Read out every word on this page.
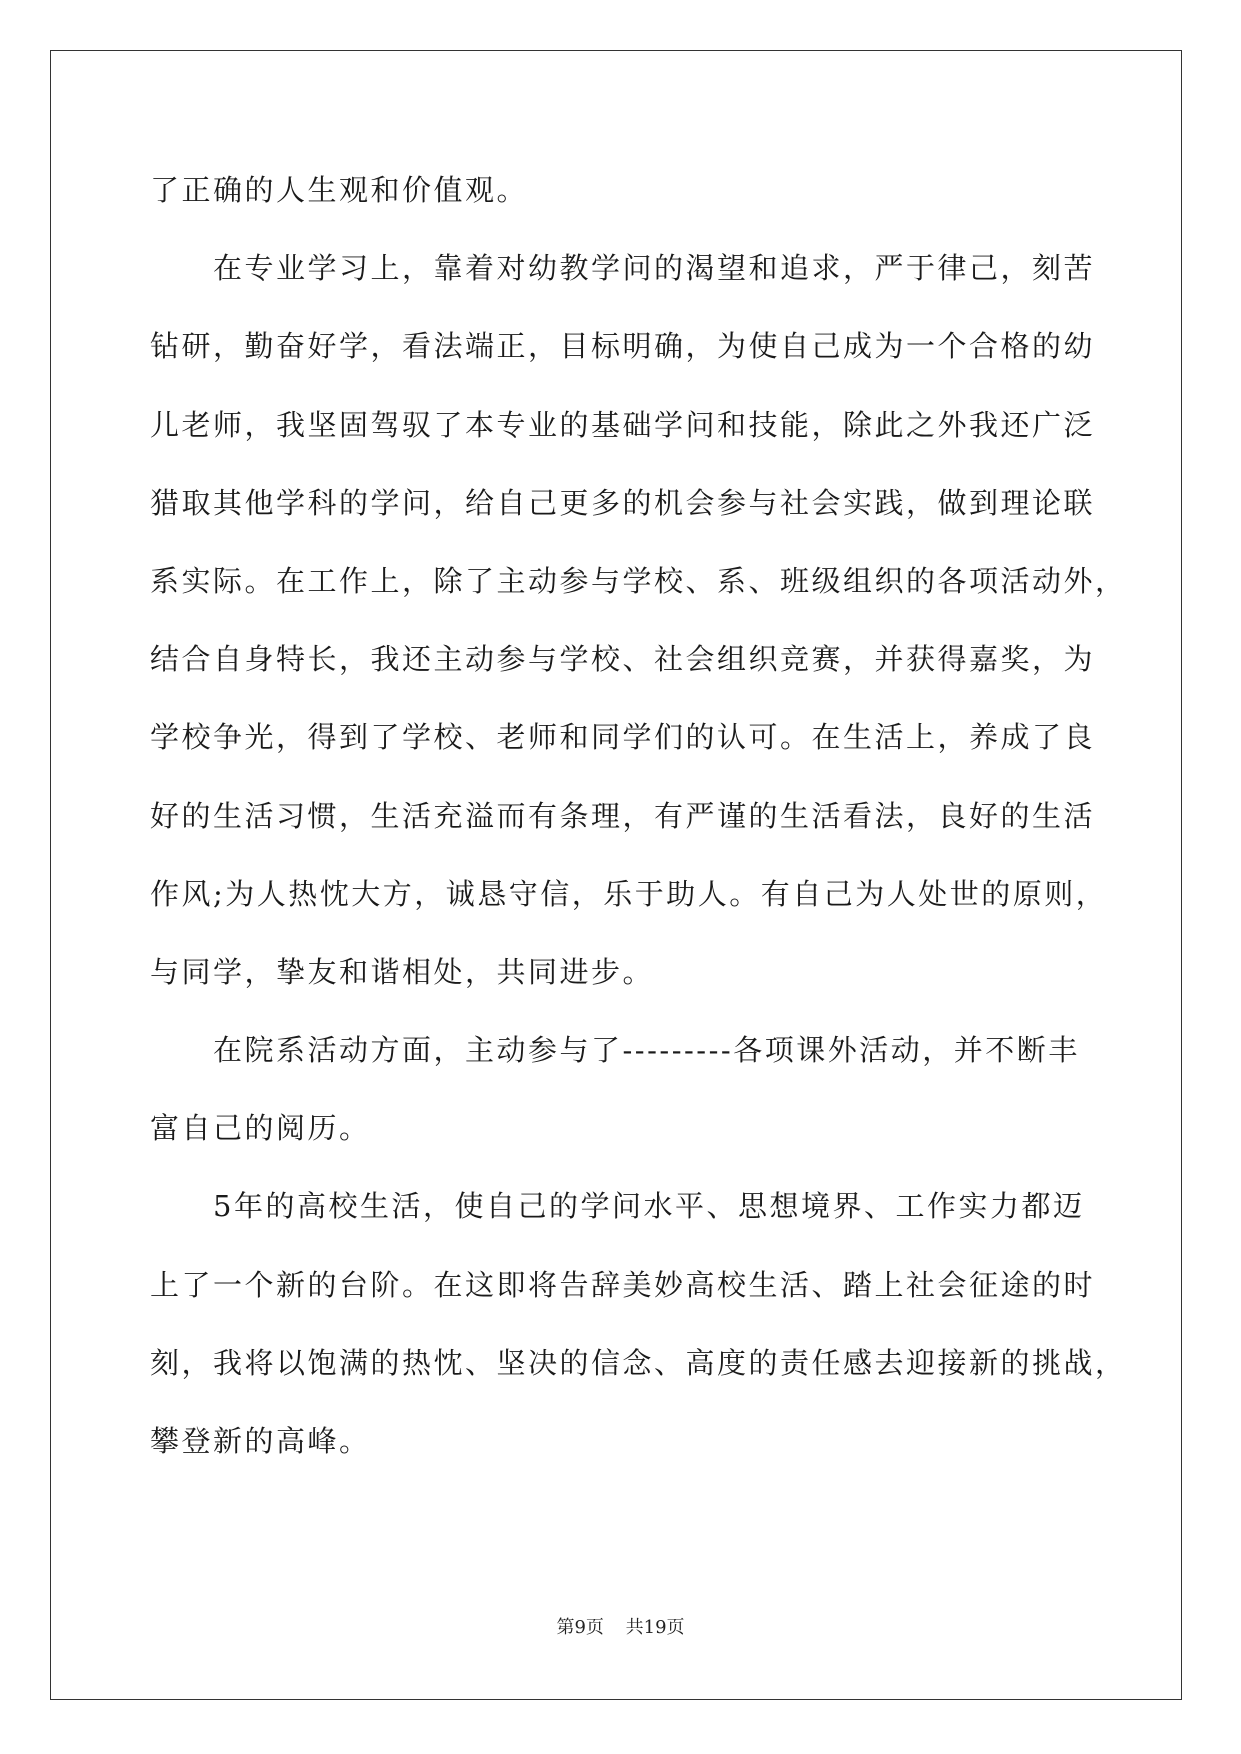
了正确的人生观和价值观。
在专业学习上，靠着对幼教学问的渴望和追求，严于律己，刻苦
钻研，勤奋好学，看法端正，目标明确，为使自己成为一个合格的幼
儿老师，我坚固驾驭了本专业的基础学问和技能，除此之外我还广泛
猎取其他学科的学问，给自己更多的机会参与社会实践，做到理论联
系实际。在工作上，除了主动参与学校、系、班级组织的各项活动外，
结合自身特长，我还主动参与学校、社会组织竞赛，并获得嘉奖，为
学校争光，得到了学校、老师和同学们的认可。在生活上，养成了良
好的生活习惯，生活充溢而有条理，有严谨的生活看法，良好的生活
作风;为人热忱大方，诚恳守信，乐于助人。有自己为人处世的原则，
与同学，挚友和谐相处，共同进步。
在院系活动方面，主动参与了---------各项课外活动，并不断丰
富自己的阅历。
5年的高校生活，使自己的学问水平、思想境界、工作实力都迈
上了一个新的台阶。在这即将告辞美妙高校生活、踏上社会征途的时
刻，我将以饱满的热忱、坚决的信念、高度的责任感去迎接新的挑战，
攀登新的高峰。
第9页 共19页
